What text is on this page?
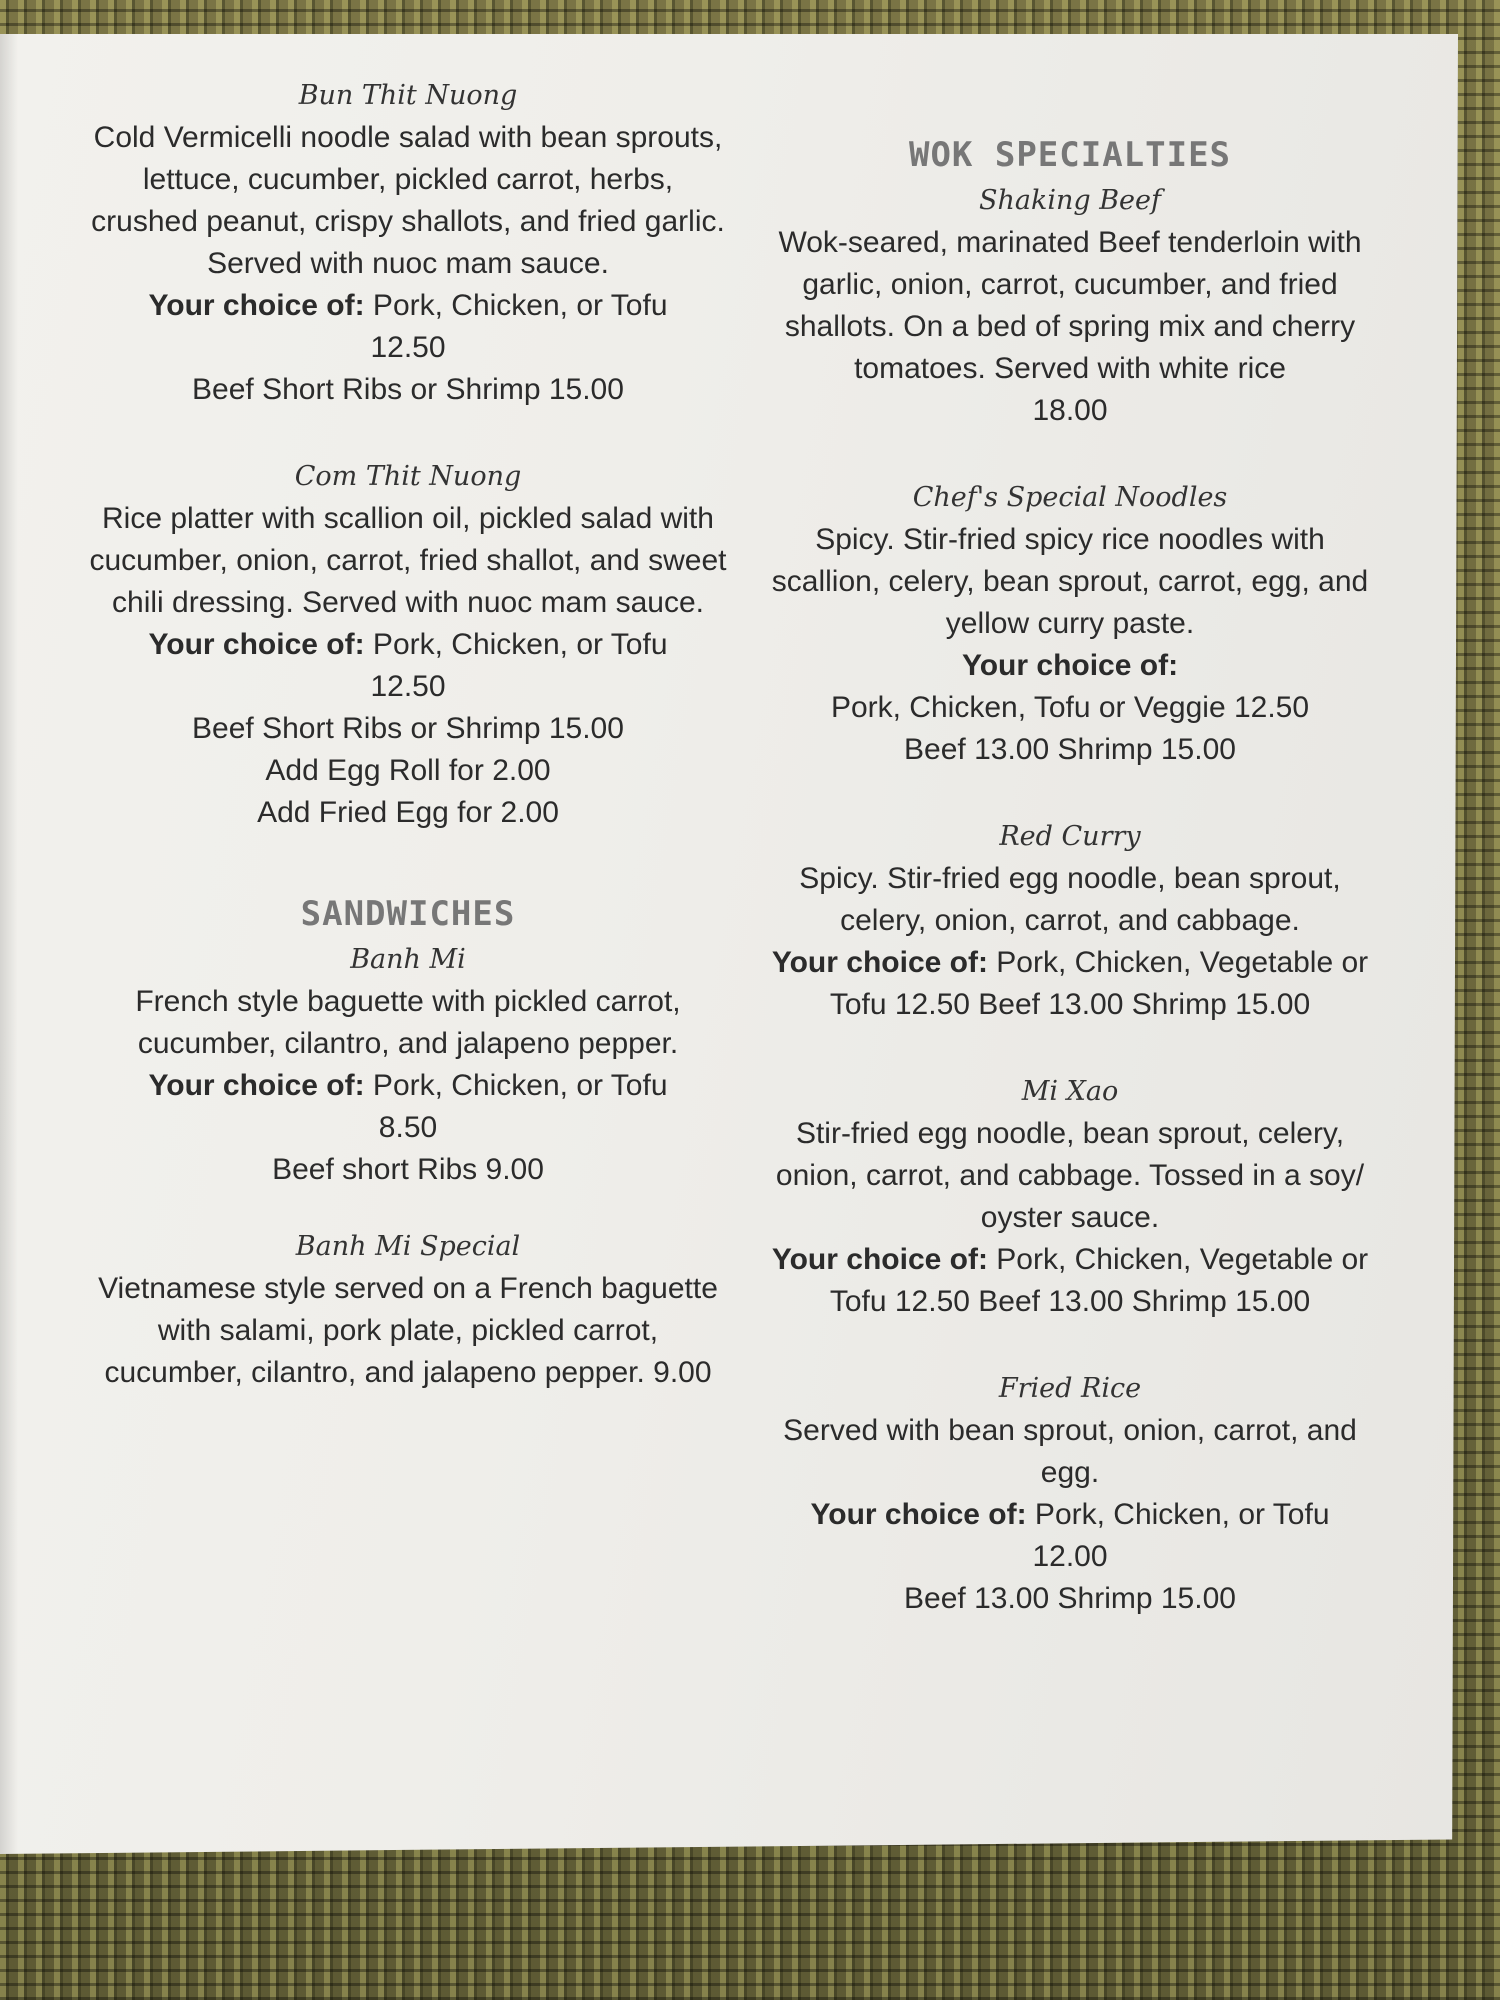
Bun Thit Nuong
Cold Vermicelli noodle salad with bean sprouts, lettuce, cucumber, pickled carrot, herbs, crushed peanut, crispy shallots, and fried garlic. Served with nuoc mam sauce.
Your choice of: Pork, Chicken, or Tofu
12.50
Beef Short Ribs or Shrimp 15.00
Com Thit Nuong
Rice platter with scallion oil, pickled salad with cucumber, onion, carrot, fried shallot, and sweet chili dressing. Served with nuoc mam sauce.
Your choice of: Pork, Chicken, or Tofu
12.50
Beef Short Ribs or Shrimp 15.00
Add Egg Roll for 2.00
Add Fried Egg for 2.00
SANDWICHES
Banh Mi
French style baguette with pickled carrot, cucumber, cilantro, and jalapeno pepper.
Your choice of: Pork, Chicken, or Tofu
8.50
Beef short Ribs 9.00
Banh Mi Special
Vietnamese style served on a French baguette with salami, pork plate, pickled carrot, cucumber, cilantro, and jalapeno pepper. 9.00
WOK SPECIALTIES
Shaking Beef
Wok-seared, marinated Beef tenderloin with garlic, onion, carrot, cucumber, and fried shallots. On a bed of spring mix and cherry tomatoes. Served with white rice
18.00
Chef's Special Noodles
Spicy. Stir-fried spicy rice noodles with scallion, celery, bean sprout, carrot, egg, and yellow curry paste.
Your choice of:
Pork, Chicken, Tofu or Veggie 12.50
Beef 13.00 Shrimp 15.00
Red Curry
Spicy. Stir-fried egg noodle, bean sprout, celery, onion, carrot, and cabbage.
Your choice of: Pork, Chicken, Vegetable or Tofu 12.50 Beef 13.00 Shrimp 15.00
Mi Xao
Stir-fried egg noodle, bean sprout, celery, onion, carrot, and cabbage. Tossed in a soy/ oyster sauce.
Your choice of: Pork, Chicken, Vegetable or Tofu 12.50 Beef 13.00 Shrimp 15.00
Fried Rice
Served with bean sprout, onion, carrot, and egg.
Your choice of: Pork, Chicken, or Tofu
12.00
Beef 13.00 Shrimp 15.00
